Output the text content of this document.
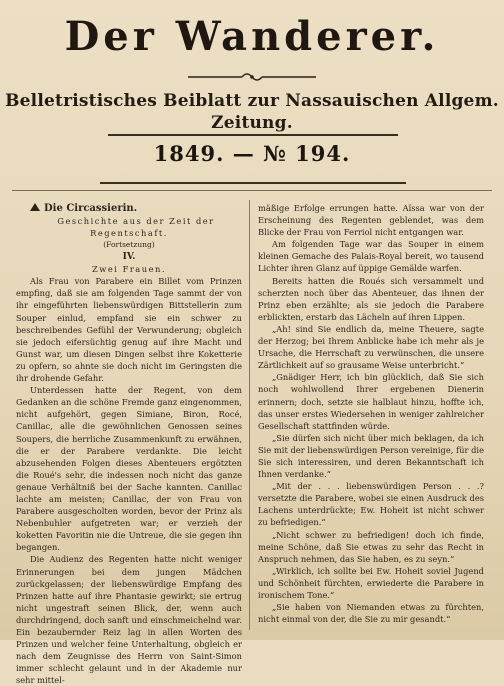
Der Wanderer.
Belletristisches Beiblatt zur Nassauischen Allgem. Zeitung.
1849. — № 194.

Die Circassierin.

Geschichte aus der Zeit der Regentschaft.

(Fortsetzung)

IV.

Zwei Frauen.

Als Frau von Parabere ein Billet vom Prinzen empfing, daß sie am folgenden Tage sammt der von ihr eingeführten liebenswürdigen Bittstellerin zum Souper einlud, empfand sie ein schwer zu beschreibendes Gefühl der Verwunderung; obgleich sie jedoch eifersüchtig genug auf ihre Macht und Gunst war, um diesen Dingen selbst ihre Koketterie zu opfern, so ahnte sie doch nicht im Geringsten die ihr drohende Gefahr.

Unterdessen hatte der Regent, von dem Gedanken an die schöne Fremde ganz eingenommen, nicht aufgehört, gegen Simiane, Biron, Rocé, Canillac, alle die gewöhnlichen Genossen seines Soupers, die herrliche Zusammenkunft zu erwähnen, die er der Parabere verdankte. Die leicht abzusehenden Folgen dieses Abenteuers ergötzten die Roué's sehr, die indessen noch nicht das ganze genaue Verhältniß bei der Sache kannten. Canillac lachte am meisten; Canillac, der von Frau von Parabere ausgescholten worden, bevor der Prinz als Nebenbuhler aufgetreten war; er verzieh der koketten Favoritin nie die Untreue, die sie gegen ihn begangen.

Die Audienz des Regenten hatte nicht weniger Erinnerungen bei dem jungen Mädchen zurückgelassen; der liebenswürdige Empfang des Prinzen hatte auf ihre Phantasie gewirkt; sie ertrug nicht ungestraft seinen Blick, der, wenn auch durchdringend, doch sanft und einschmeichelnd war. Ein bezaubernder Reiz lag in allen Worten des Prinzen und welcher feine Unterhaltung, obgleich er nach dem Zeugnisse des Herrn von Saint-Simon immer schlecht gelaunt und in der Akademie nur sehr mittel-

mäßige Erfolge errungen hatte. Aïssa war von der Erscheinung des Regenten geblendet, was dem Blicke der Frau von Ferriol nicht entgangen war.

Am folgenden Tage war das Souper in einem kleinen Gemache des Palais-Royal bereit, wo tausend Lichter ihren Glanz auf üppige Gemälde warfen.

Bereits hatten die Roués sich versammelt und scherzten noch über das Abenteuer, das ihnen der Prinz eben erzählte; als sie jedoch die Parabere erblickten, erstarb das Lächeln auf ihren Lippen.

„Ah! sind Sie endlich da, meine Theuere, sagte der Herzog; bei Ihrem Anblicke habe ich mehr als je Ursache, die Herrschaft zu verwünschen, die unsere Zärtlichkeit auf so grausame Weise unterbricht.“

„Gnädiger Herr, ich bin glücklich, daß Sie sich noch wohlwollend Ihrer ergebenen Dienerin erinnern; doch, setzte sie halblaut hinzu, hoffte ich, das unser erstes Wiedersehen in weniger zahlreicher Gesellschaft stattfinden würde.

„Sie dürfen sich nicht über mich beklagen, da ich Sie mit der liebenswürdigen Person vereinige, für die Sie sich interessiren, und deren Bekanntschaft ich Ihnen verdanke.“

„Mit der . . . liebenswürdigen Person . . .? versetzte die Parabere, wobei sie einen Ausdruck des Lachens unterdrückte; Ew. Hoheit ist nicht schwer zu befriedigen.“

„Nicht schwer zu befriedigen! doch ich finde, meine Schöne, daß Sie etwas zu sehr das Recht in Anspruch nehmen, das Sie haben, es zu seyn.“

„Wirklich, ich sollte bei Ew. Hoheit soviel Jugend und Schönheit fürchten, erwiederte die Parabere in ironischem Tone.“

„Sie haben von Niemanden etwas zu fürchten, nicht einmal von der, die Sie zu mir gesandt.“
